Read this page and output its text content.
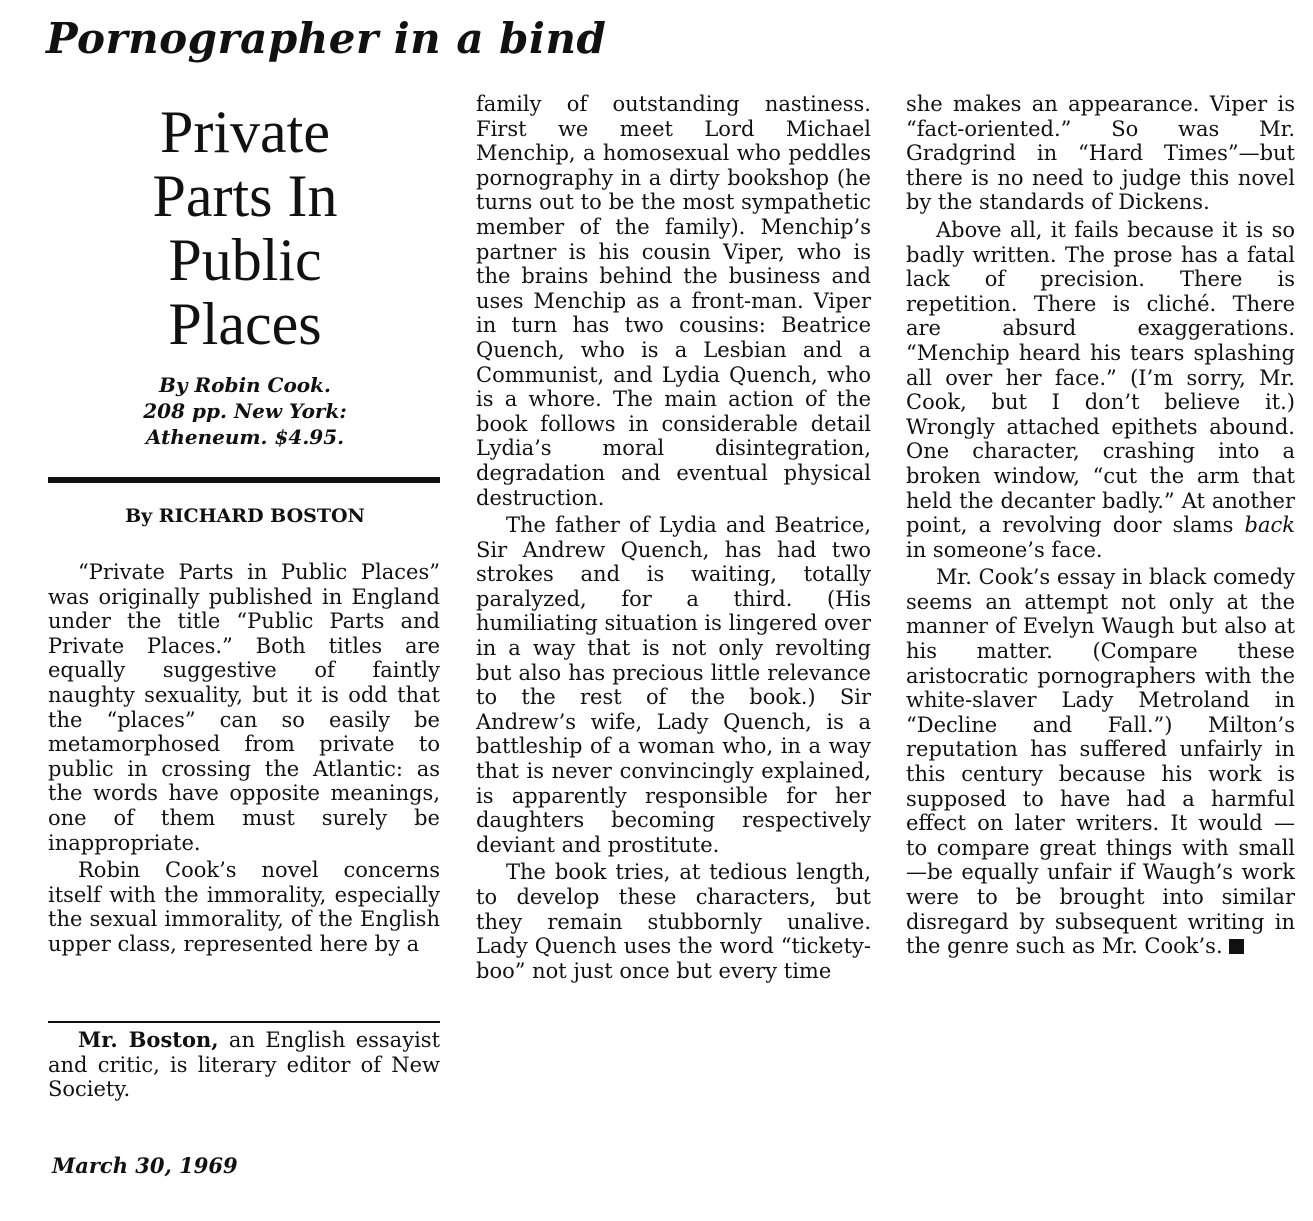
Pornographer in a bind
Private
Parts In
Public
Places
By Robin Cook.
208 pp. New York:
Atheneum. $4.95.
By RICHARD BOSTON

“Private Parts in Public Places” was originally published in England under the title “Public Parts and Private Places.” Both titles are equally suggestive of faintly naughty sexuality, but it is odd that the “places” can so easily be metamorphosed from private to public in crossing the Atlantic: as the words have opposite meanings, one of them must surely be inappropriate.

Robin Cook’s novel concerns itself with the immorality, especially the sexual immorality, of the English upper class, represented here by a

Mr. Boston, an English essayist and critic, is literary editor of New Society.

family of outstanding nastiness. First we meet Lord Michael Menchip, a homosexual who peddles pornography in a dirty bookshop (he turns out to be the most sympathetic member of the family). Menchip’s partner is his cousin Viper, who is the brains behind the business and uses Menchip as a front-man. Viper in turn has two cousins: Beatrice Quench, who is a Lesbian and a Communist, and Lydia Quench, who is a whore. The main action of the book follows in considerable detail Lydia’s moral disintegration, degradation and eventual physical destruction.

The father of Lydia and Beatrice, Sir Andrew Quench, has had two strokes and is waiting, totally paralyzed, for a third. (His humiliating situation is lingered over in a way that is not only revolting but also has precious little relevance to the rest of the book.) Sir Andrew’s wife, Lady Quench, is a battleship of a woman who, in a way that is never convincingly explained, is apparently responsible for her daughters becoming respectively deviant and prostitute.

The book tries, at tedious length, to develop these characters, but they remain stubbornly unalive. Lady Quench uses the word “tickety-boo” not just once but every time

she makes an appearance. Viper is “fact-oriented.” So was Mr. Gradgrind in “Hard Times”—but there is no need to judge this novel by the standards of Dickens.

Above all, it fails because it is so badly written. The prose has a fatal lack of precision. There is repetition. There is cliché. There are absurd exaggerations. “Menchip heard his tears splashing all over her face.” (I’m sorry, Mr. Cook, but I don’t believe it.) Wrongly attached epithets abound. One character, crashing into a broken window, “cut the arm that held the decanter badly.” At another point, a revolving door slams back in someone’s face.

Mr. Cook’s essay in black comedy seems an attempt not only at the manner of Evelyn Waugh but also at his matter. (Compare these aristocratic pornographers with the white-slaver Lady Metroland in “Decline and Fall.”) Milton’s reputation has suffered unfairly in this century because his work is supposed to have had a harmful effect on later writers. It would — to compare great things with small—be equally unfair if Waugh’s work were to be brought into similar disregard by subsequent writing in the genre such as Mr. Cook’s.

March 30, 1969
